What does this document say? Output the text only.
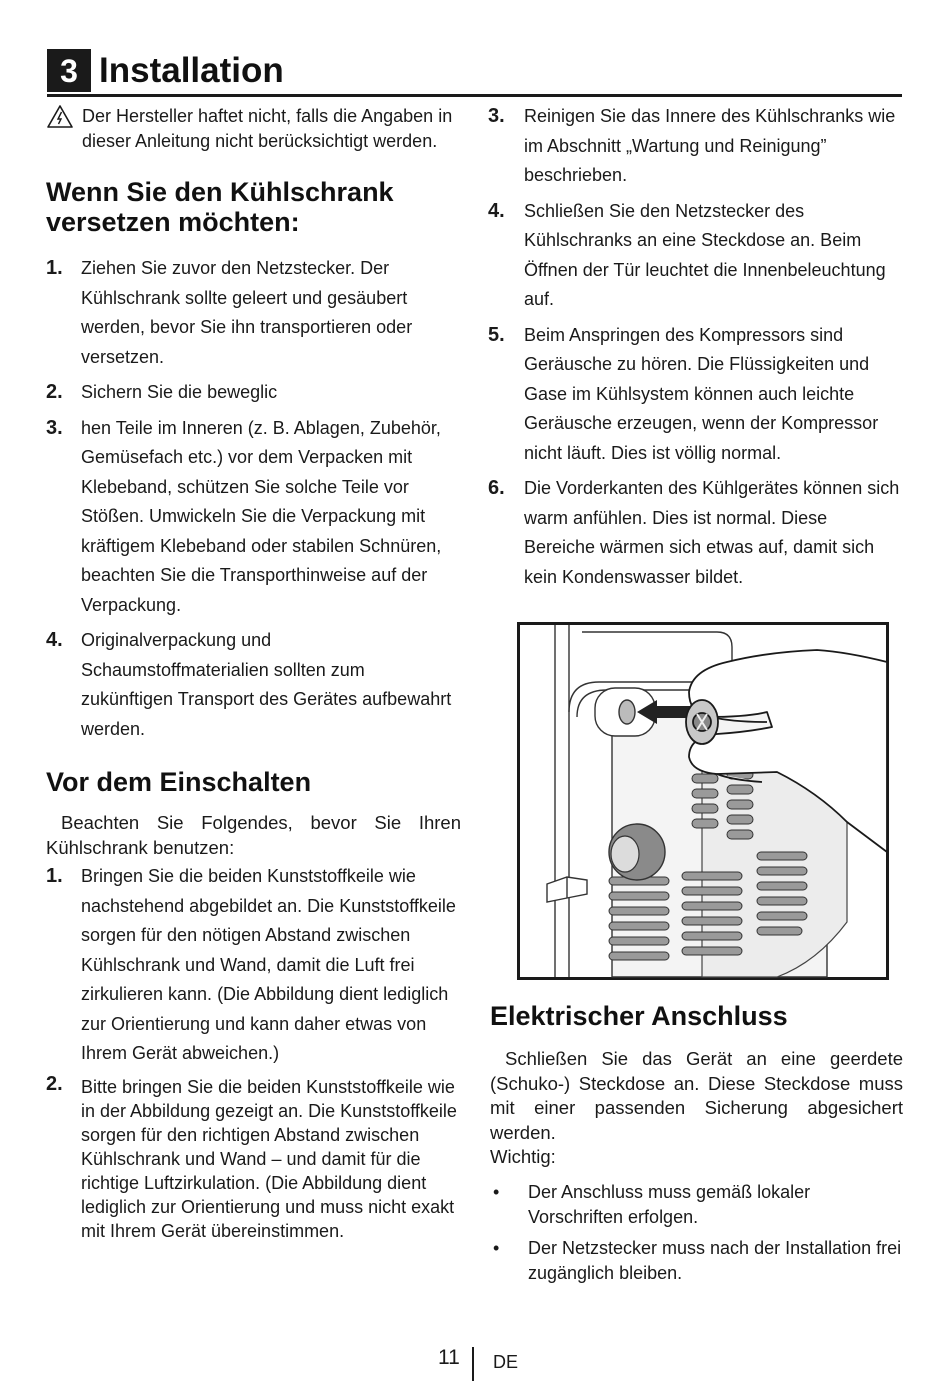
3 Installation
Der Hersteller haftet nicht, falls die Angaben in dieser Anleitung nicht berücksichtigt werden.
Wenn Sie den Kühlschrank versetzen möchten:
1. Ziehen Sie zuvor den Netzstecker. Der Kühlschrank sollte geleert und gesäubert werden, bevor Sie ihn transportieren oder versetzen.
2. Sichern Sie die beweglic
3. hen Teile im Inneren (z. B. Ablagen, Zubehör, Gemüsefach etc.) vor dem Verpacken mit Klebeband, schützen Sie solche Teile vor Stößen. Umwickeln Sie die Verpackung mit kräftigem Klebeband oder stabilen Schnüren, beachten Sie die Transporthinweise auf der Verpackung.
4. Originalverpackung und Schaumstoffmaterialien sollten zum zukünftigen Transport des Gerätes aufbewahrt werden.
Vor dem Einschalten
Beachten Sie Folgendes, bevor Sie Ihren Kühlschrank benutzen:
1. Bringen Sie die beiden Kunststoffkeile wie nachstehend abgebildet an. Die Kunststoffkeile sorgen für den nötigen Abstand zwischen Kühlschrank und Wand, damit die Luft frei zirkulieren kann. (Die Abbildung dient lediglich zur Orientierung und kann daher etwas von Ihrem Gerät abweichen.)
2. Bitte bringen Sie die beiden Kunststoffkeile wie in der Abbildung gezeigt an. Die Kunststoffkeile sorgen für den richtigen Abstand zwischen Kühlschrank und Wand – und damit für die richtige Luftzirkulation. (Die Abbildung dient lediglich zur Orientierung und muss nicht exakt mit Ihrem Gerät übereinstimmen.
3. Reinigen Sie das Innere des Kühlschranks wie im Abschnitt „Wartung und Reinigung” beschrieben.
4. Schließen Sie den Netzstecker des Kühlschranks an eine Steckdose an. Beim Öffnen der Tür leuchtet die Innenbeleuchtung auf.
5. Beim Anspringen des Kompressors sind Geräusche zu hören. Die Flüssigkeiten und Gase im Kühlsystem können auch leichte Geräusche erzeugen, wenn der Kompressor nicht läuft. Dies ist völlig normal.
6. Die Vorderkanten des Kühlgerätes können sich warm anfühlen. Dies ist normal. Diese Bereiche wärmen sich etwas auf, damit sich kein Kondenswasser bildet.
Elektrischer Anschluss
Schließen Sie das Gerät an eine geerdete (Schuko-) Steckdose an. Diese Steckdose muss mit einer passenden Sicherung abgesichert werden.
Wichtig:
• Der Anschluss muss gemäß lokaler Vorschriften erfolgen.
• Der Netzstecker muss nach der Installation frei zugänglich bleiben.
11 DE
